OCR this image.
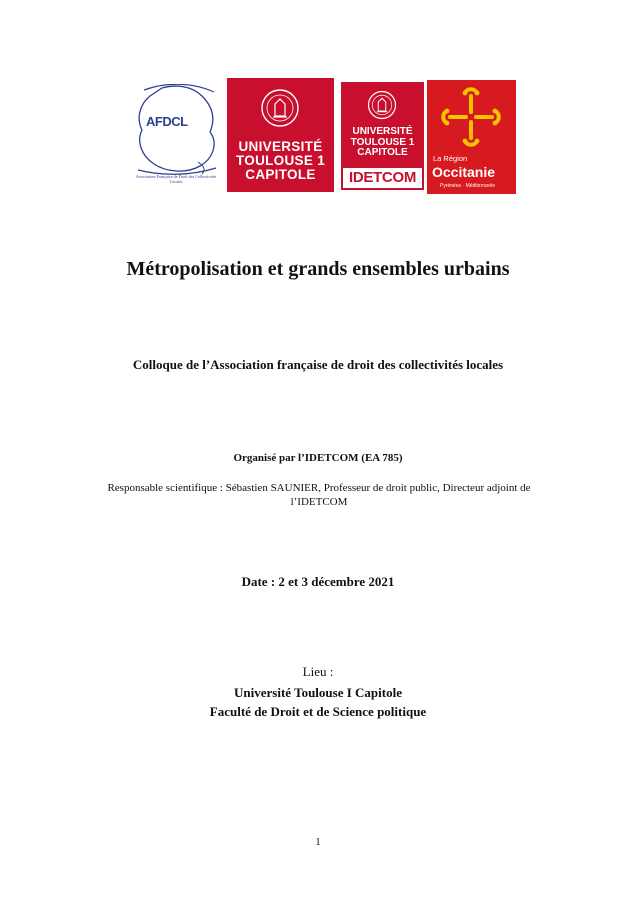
AFDCL
Association Française de Droit des Collectivités Locales
UNIVERSITÉ
TOULOUSE 1
CAPITOLE
UNIVERSITÉ
TOULOUSE 1
CAPITOLE
IDETCOM
La Région
Occitanie
Pyrénées · Méditerranée
Métropolisation et grands ensembles urbains
Colloque de l’Association française de droit des collectivités locales
Organisé par l’IDETCOM (EA 785)
Responsable scientifique : Sébastien SAUNIER, Professeur de droit public, Directeur adjoint de l’IDETCOM
Date : 2 et 3 décembre 2021
Lieu :
Université Toulouse I Capitole
Faculté de Droit et de Science politique
1
